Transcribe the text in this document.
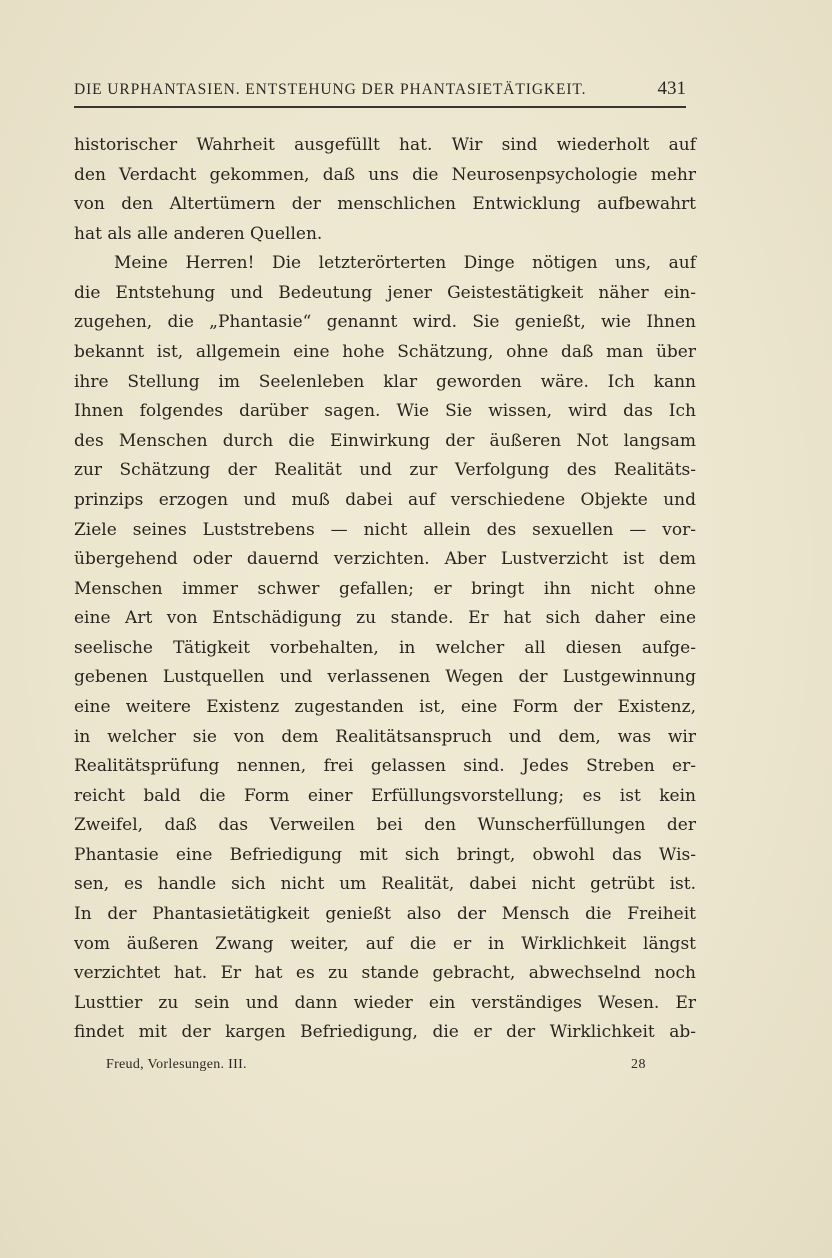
DIE URPHANTASIEN. ENTSTEHUNG DER PHANTASIETÄTIGKEIT.	431
historischer Wahrheit ausgefüllt hat. Wir sind wiederholt auf
den Verdacht gekommen, daß uns die Neurosenpsychologie mehr
von den Altertümern der menschlichen Entwicklung aufbewahrt
hat als alle anderen Quellen.
Meine Herren! Die letzterörterten Dinge nötigen uns, auf
die Entstehung und Bedeutung jener Geistestätigkeit näher ein-
zugehen, die „Phantasie“ genannt wird. Sie genießt, wie Ihnen
bekannt ist, allgemein eine hohe Schätzung, ohne daß man über
ihre Stellung im Seelenleben klar geworden wäre. Ich kann
Ihnen folgendes darüber sagen. Wie Sie wissen, wird das Ich
des Menschen durch die Einwirkung der äußeren Not langsam
zur Schätzung der Realität und zur Verfolgung des Realitäts-
prinzips erzogen und muß dabei auf verschiedene Objekte und
Ziele seines Luststrebens — nicht allein des sexuellen — vor-
übergehend oder dauernd verzichten. Aber Lustverzicht ist dem
Menschen immer schwer gefallen; er bringt ihn nicht ohne
eine Art von Entschädigung zu stande. Er hat sich daher eine
seelische Tätigkeit vorbehalten, in welcher all diesen aufge-
gebenen Lustquellen und verlassenen Wegen der Lustgewinnung
eine weitere Existenz zugestanden ist, eine Form der Existenz,
in welcher sie von dem Realitätsanspruch und dem, was wir
Realitätsprüfung nennen, frei gelassen sind. Jedes Streben er-
reicht bald die Form einer Erfüllungsvorstellung; es ist kein
Zweifel, daß das Verweilen bei den Wunscherfüllungen der
Phantasie eine Befriedigung mit sich bringt, obwohl das Wis-
sen, es handle sich nicht um Realität, dabei nicht getrübt ist.
In der Phantasietätigkeit genießt also der Mensch die Freiheit
vom äußeren Zwang weiter, auf die er in Wirklichkeit längst
verzichtet hat. Er hat es zu stande gebracht, abwechselnd noch
Lusttier zu sein und dann wieder ein verständiges Wesen. Er
findet mit der kargen Befriedigung, die er der Wirklichkeit ab-
Freud, Vorlesungen. III.	28
